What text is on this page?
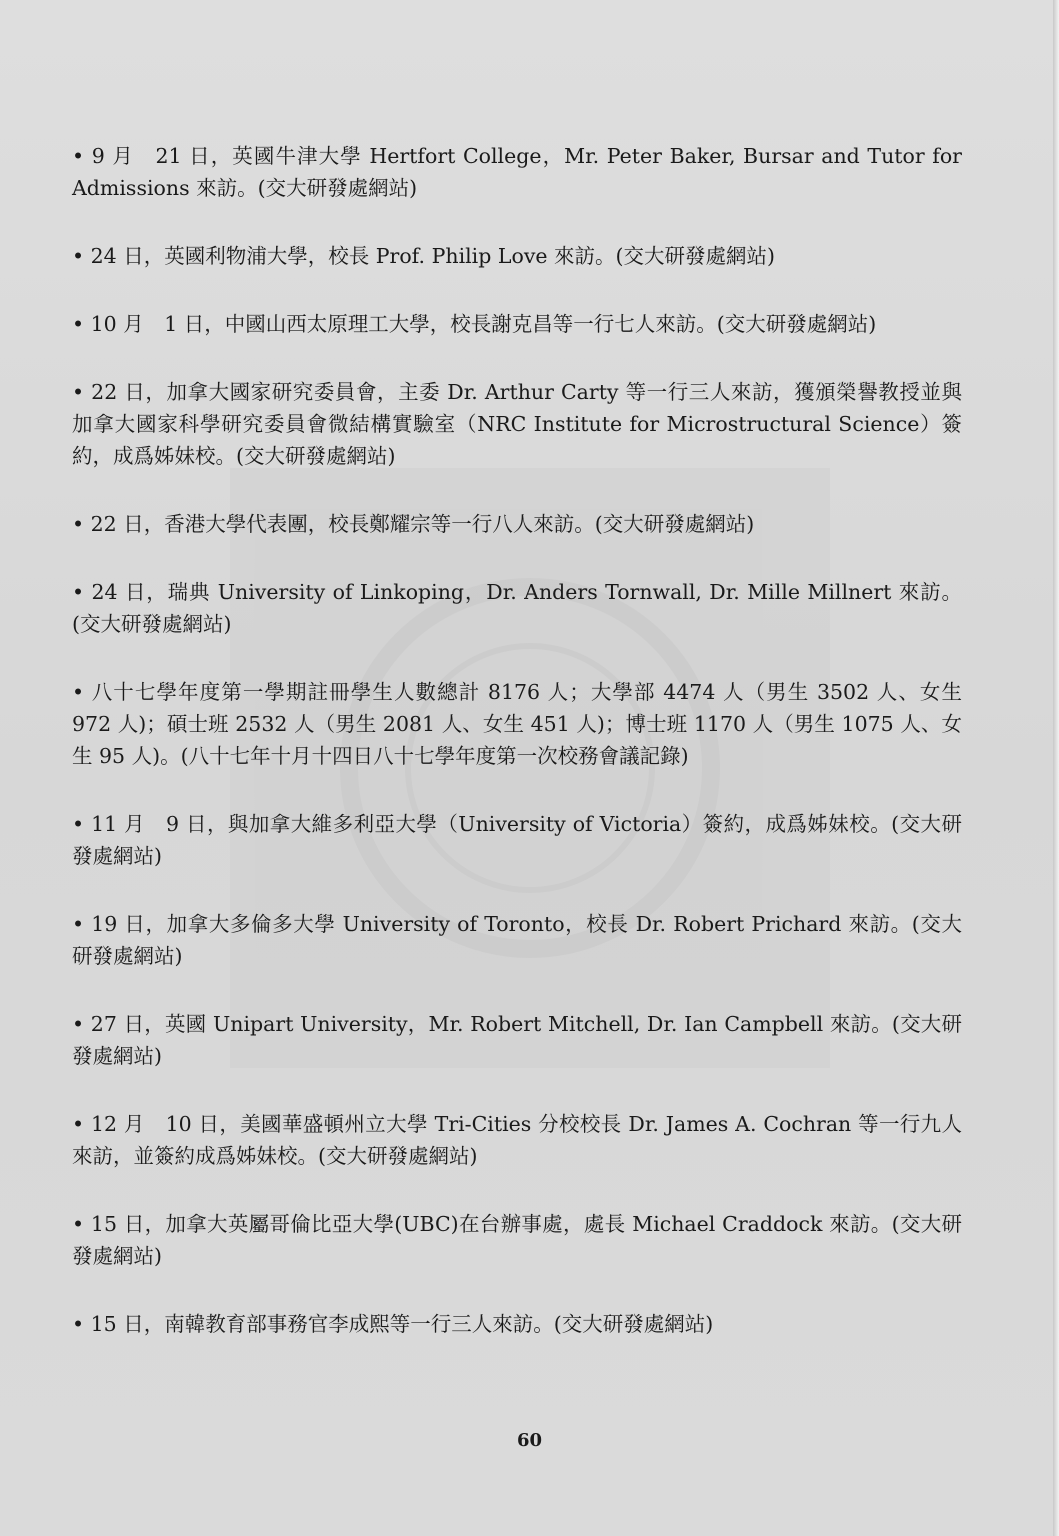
• 9 月　21 日，英國牛津大學 Hertfort College，Mr. Peter Baker, Bursar and Tutor for Admissions 來訪。(交大研發處網站)

• 24 日，英國利物浦大學，校長 Prof. Philip Love 來訪。(交大研發處網站)

• 10 月　1 日，中國山西太原理工大學，校長謝克昌等一行七人來訪。(交大研發處網站)

• 22 日，加拿大國家研究委員會，主委 Dr. Arthur Carty 等一行三人來訪，獲頒榮譽教授並與加拿大國家科學研究委員會微結構實驗室（NRC Institute for Microstructural Science）簽約，成爲姊妹校。(交大研發處網站)

• 22 日，香港大學代表團，校長鄭耀宗等一行八人來訪。(交大研發處網站)

• 24 日，瑞典 University of Linkoping，Dr. Anders Tornwall, Dr. Mille Millnert 來訪。(交大研發處網站)

• 八十七學年度第一學期註冊學生人數總計 8176 人；大學部 4474 人（男生 3502 人、女生 972 人)；碩士班 2532 人（男生 2081 人、女生 451 人)；博士班 1170 人（男生 1075 人、女生 95 人)。(八十七年十月十四日八十七學年度第一次校務會議記錄)

• 11 月　9 日，與加拿大維多利亞大學（University of Victoria）簽約，成爲姊妹校。(交大研發處網站)

• 19 日，加拿大多倫多大學 University of Toronto，校長 Dr. Robert Prichard 來訪。(交大研發處網站)

• 27 日，英國 Unipart University，Mr. Robert Mitchell, Dr. Ian Campbell 來訪。(交大研發處網站)

• 12 月　10 日，美國華盛頓州立大學 Tri-Cities 分校校長 Dr. James A. Cochran 等一行九人來訪，並簽約成爲姊妹校。(交大研發處網站)

• 15 日，加拿大英屬哥倫比亞大學(UBC)在台辦事處，處長 Michael Craddock 來訪。(交大研發處網站)

• 15 日，南韓教育部事務官李成熙等一行三人來訪。(交大研發處網站)

60
